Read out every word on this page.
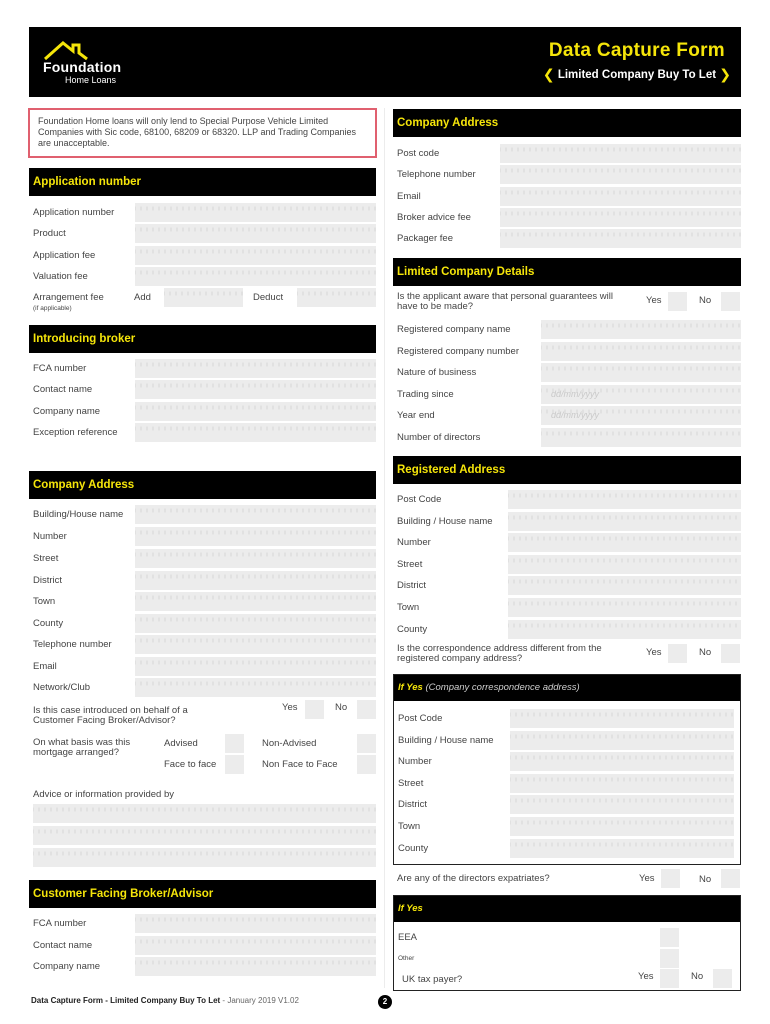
Foundation
Home Loans
Data Capture Form
❮ Limited Company Buy To Let ❯
Foundation Home loans will only lend to Special Purpose Vehicle Limited Companies with Sic code, 68100, 68209 or 68320. LLP and Trading Companies are unacceptable.
Application number
Application number
Product
Application fee
Valuation fee
Arrangement fee
(if applicable)
Add	Deduct
Introducing broker
FCA number
Contact name
Company name
Exception reference
Company Address
Building/House name
Number
Street
District
Town
County
Telephone number
Email
Network/Club
Is this case introduced on behalf of a Customer Facing Broker/Advisor?
Yes	No
On what basis was this mortgage arranged?
Advised	Non-Advised
Face to face	Non Face to Face
Advice or information provided by
Customer Facing Broker/Advisor
FCA number
Contact name
Company name
Company Address
Post code
Telephone number
Email
Broker advice fee
Packager fee
Limited Company Details
Is the applicant aware that personal guarantees will have to be made?
Yes	No
Registered company name
Registered company number
Nature of business
Trading since	dd/mm/yyyy
Year end	dd/mm/yyyy
Number of directors
Registered Address
Post Code
Building / House name
Number
Street
District
Town
County
Is the correspondence address different from the registered company address?
Yes	No
If Yes (Company correspondence address)
Post Code
Building / House name
Number
Street
District
Town
County
Are any of the directors expatriates?	Yes	No
If Yes
EEA
Other
UK tax payer?	Yes	No
Data Capture Form - Limited Company Buy To Let - January 2019 V1.02	2
